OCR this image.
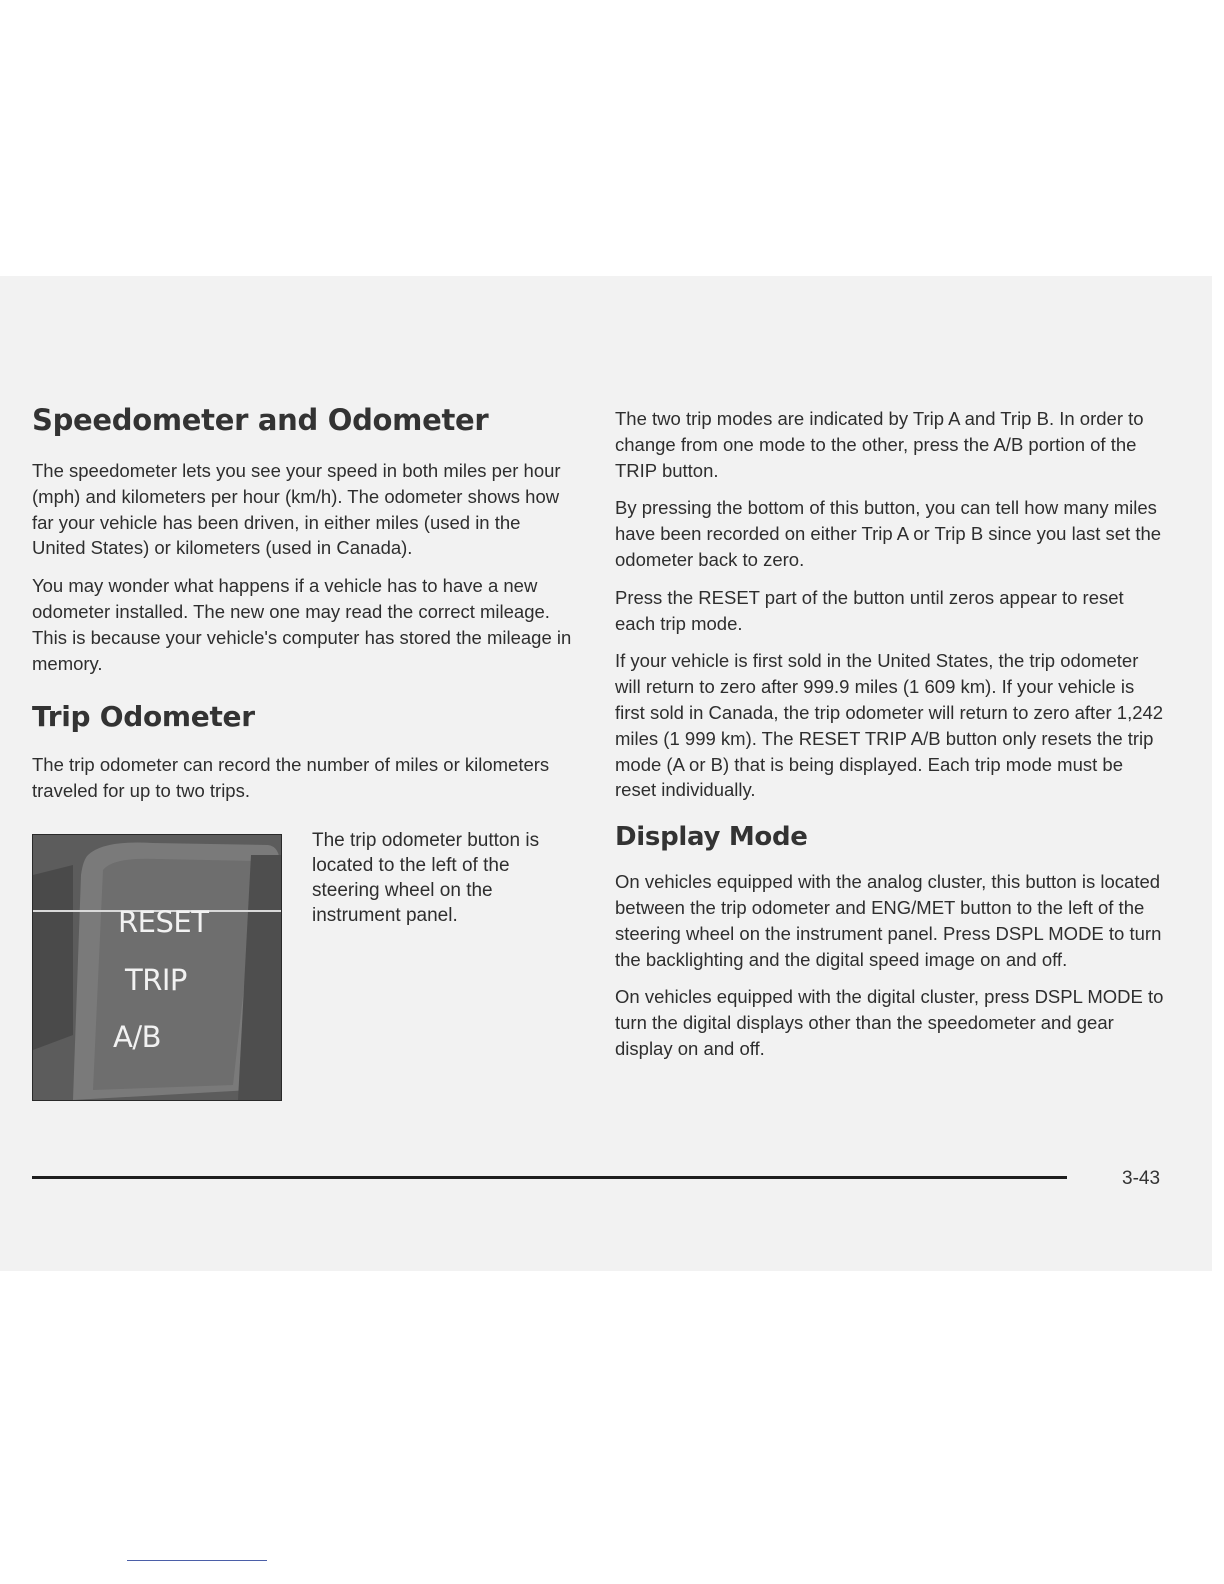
Speedometer and Odometer

The speedometer lets you see your speed in both miles per hour (mph) and kilometers per hour (km/h). The odometer shows how far your vehicle has been driven, in either miles (used in the United States) or kilometers (used in Canada).

You may wonder what happens if a vehicle has to have a new odometer installed. The new one may read the correct mileage. This is because your vehicle's computer has stored the mileage in memory.

Trip Odometer

The trip odometer can record the number of miles or kilometers traveled for up to two trips.

RESET
TRIP
A/B
The trip odometer button is located to the left of the steering wheel on the instrument panel.

The two trip modes are indicated by Trip A and Trip B. In order to change from one mode to the other, press the A/B portion of the TRIP button.

By pressing the bottom of this button, you can tell how many miles have been recorded on either Trip A or Trip B since you last set the odometer back to zero.

Press the RESET part of the button until zeros appear to reset each trip mode.

If your vehicle is first sold in the United States, the trip odometer will return to zero after 999.9 miles (1 609 km). If your vehicle is first sold in Canada, the trip odometer will return to zero after 1,242 miles (1 999 km). The RESET TRIP A/B button only resets the trip mode (A or B) that is being displayed. Each trip mode must be reset individually.

Display Mode

On vehicles equipped with the analog cluster, this button is located between the trip odometer and ENG/MET button to the left of the steering wheel on the instrument panel. Press DSPL MODE to turn the backlighting and the digital speed image on and off.

On vehicles equipped with the digital cluster, press DSPL MODE to turn the digital displays other than the speedometer and gear display on and off.

3-43
